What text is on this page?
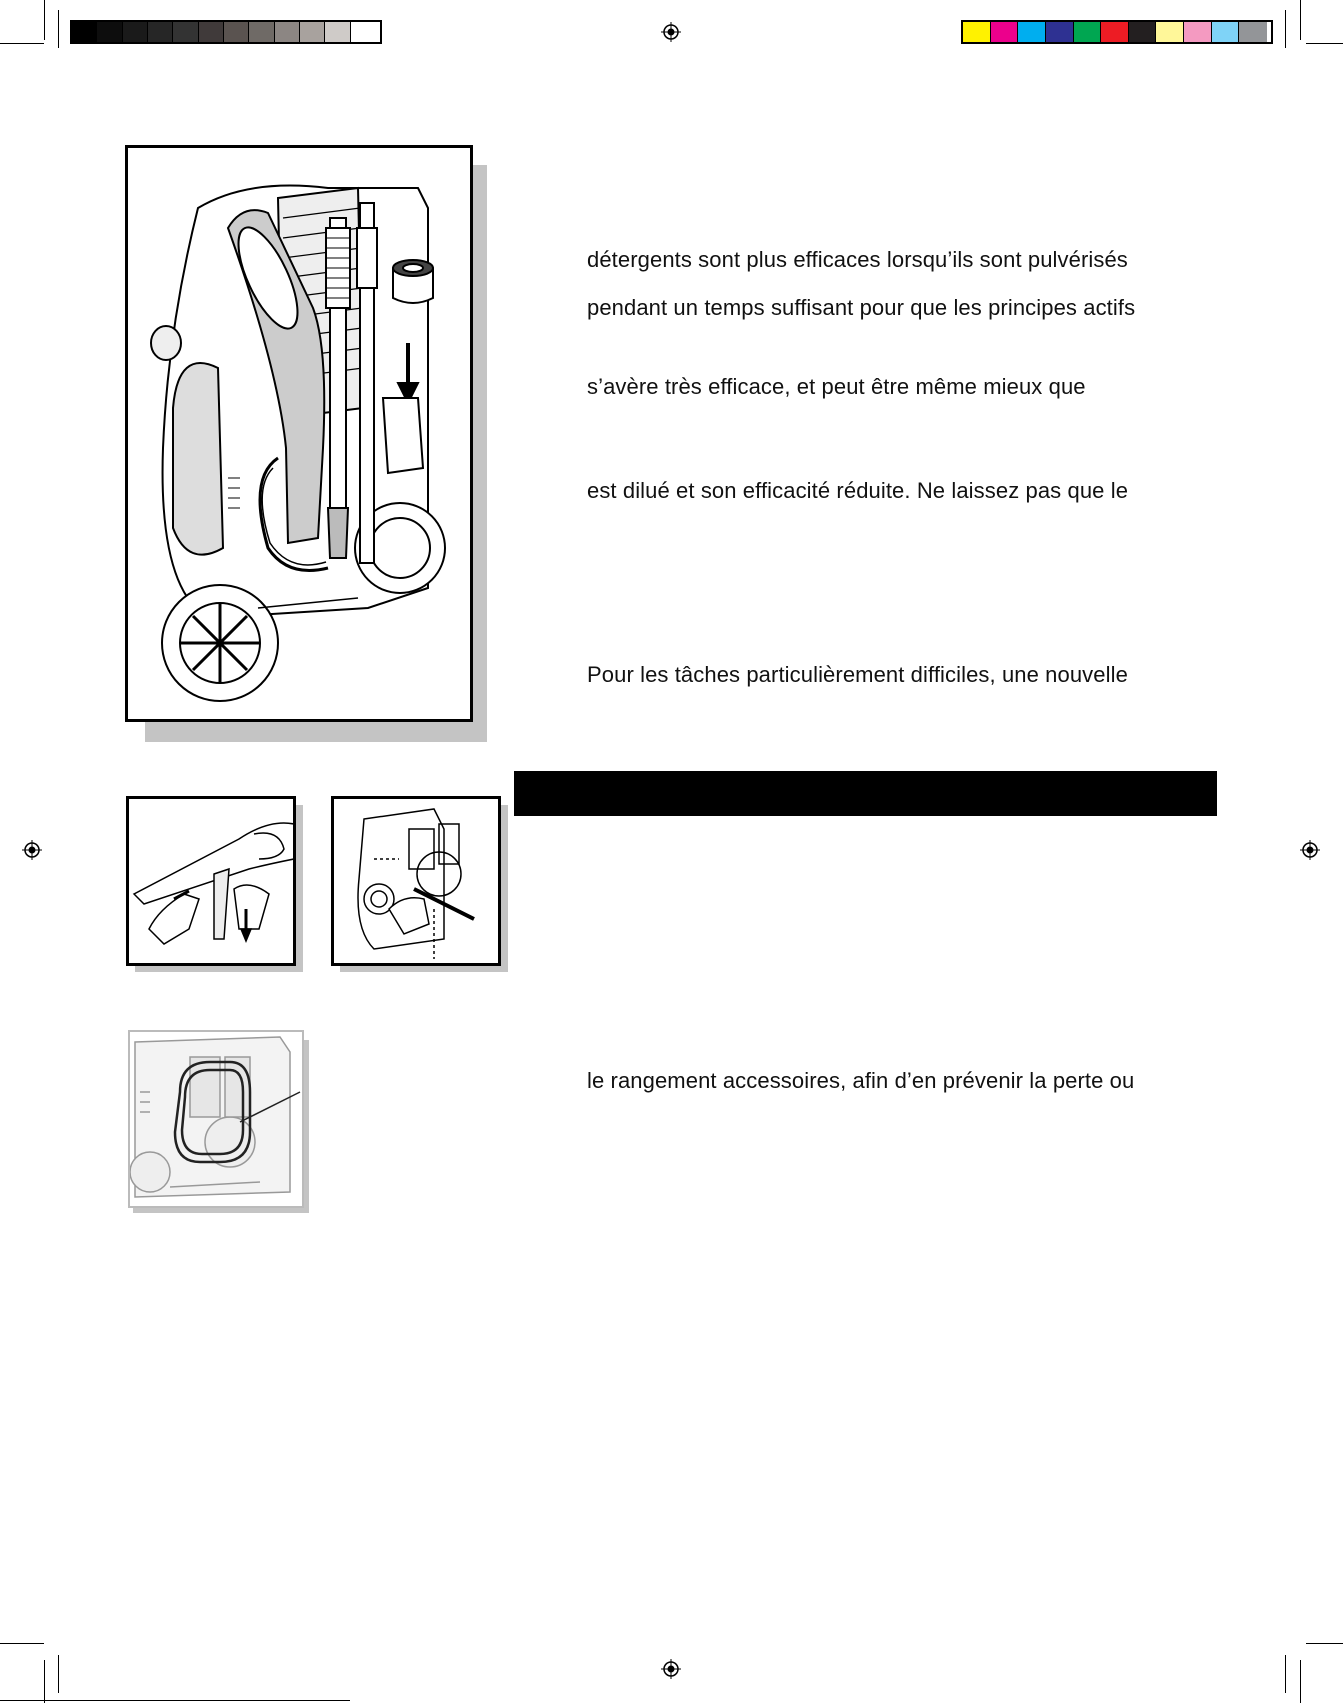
détergents sont plus efficaces lorsqu’ils sont pulvérisés
pendant un temps suffisant pour que les principes actifs
s’avère très efficace, et peut être même mieux que
est dilué et son efficacité réduite. Ne laissez pas que le
Pour les tâches particulièrement difficiles, une nouvelle
le rangement accessoires, afin d’en prévenir la perte ou
